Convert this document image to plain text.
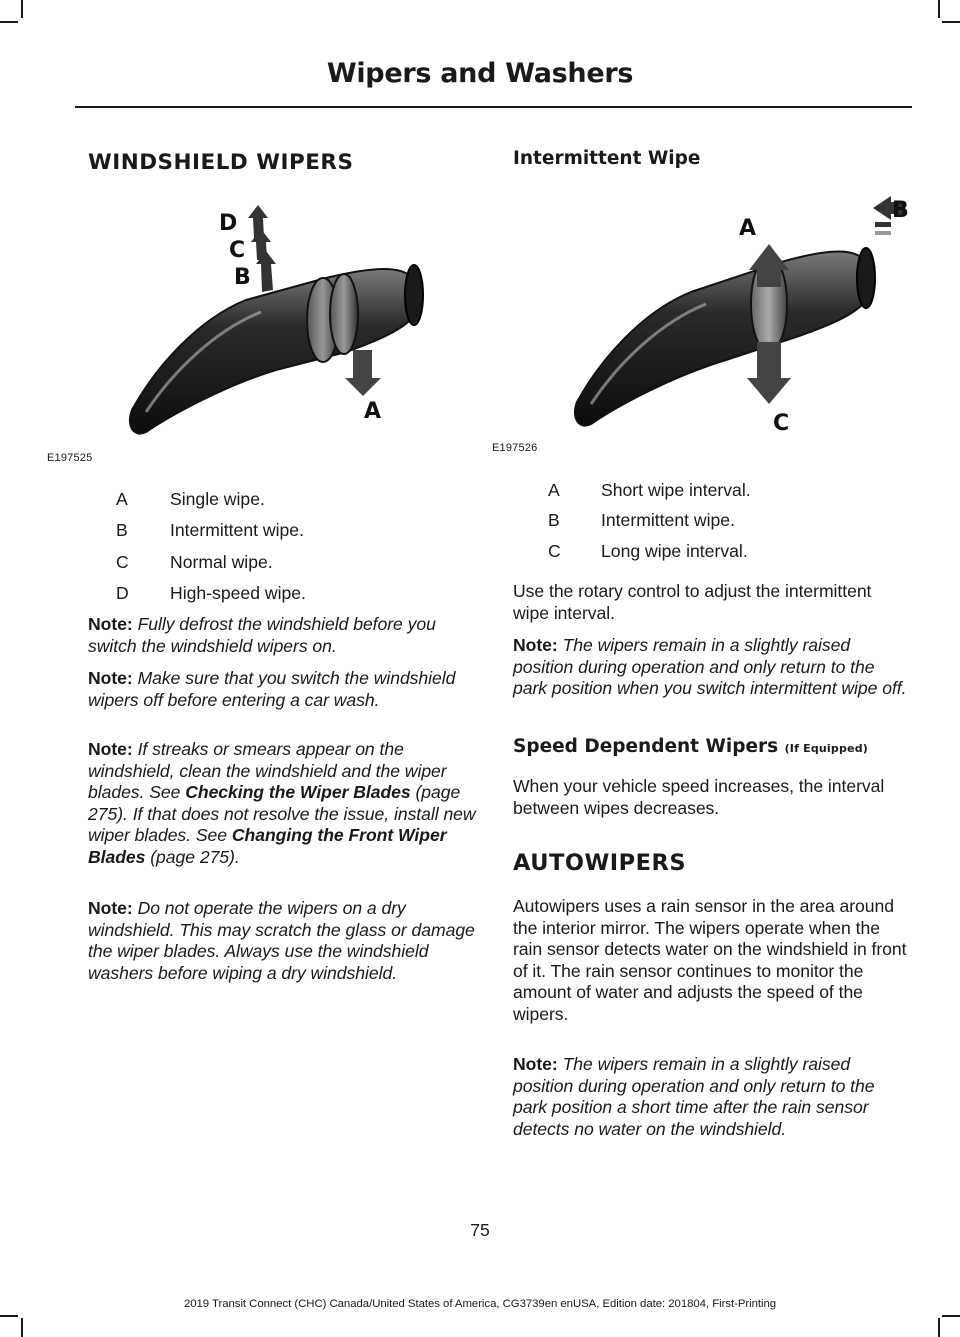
Wipers and Washers
WINDSHIELD WIPERS
D
C
B
A
E197525
A Single wipe.
B Intermittent wipe.
C Normal wipe.
D High-speed wipe.

Note: Fully defrost the windshield before you switch the windshield wipers on.

Note: Make sure that you switch the windshield wipers off before entering a car wash.

Note: If streaks or smears appear on the windshield, clean the windshield and the wiper blades. See Checking the Wiper Blades (page 275). If that does not resolve the issue, install new wiper blades. See Changing the Front Wiper Blades (page 275).

Note: Do not operate the wipers on a dry windshield. This may scratch the glass or damage the wiper blades. Always use the windshield washers before wiping a dry windshield.

Intermittent Wipe
A
B
C
E197526
A Short wipe interval.
B Intermittent wipe.
C Long wipe interval.

Use the rotary control to adjust the intermittent wipe interval.

Note: The wipers remain in a slightly raised position during operation and only return to the park position when you switch intermittent wipe off.

Speed Dependent Wipers (If Equipped)

When your vehicle speed increases, the interval between wipes decreases.

AUTOWIPERS

Autowipers uses a rain sensor in the area around the interior mirror. The wipers operate when the rain sensor detects water on the windshield in front of it. The rain sensor continues to monitor the amount of water and adjusts the speed of the wipers.

Note: The wipers remain in a slightly raised position during operation and only return to the park position a short time after the rain sensor detects no water on the windshield.

75
2019 Transit Connect (CHC) Canada/United States of America, CG3739en enUSA, Edition date: 201804, First-Printing
